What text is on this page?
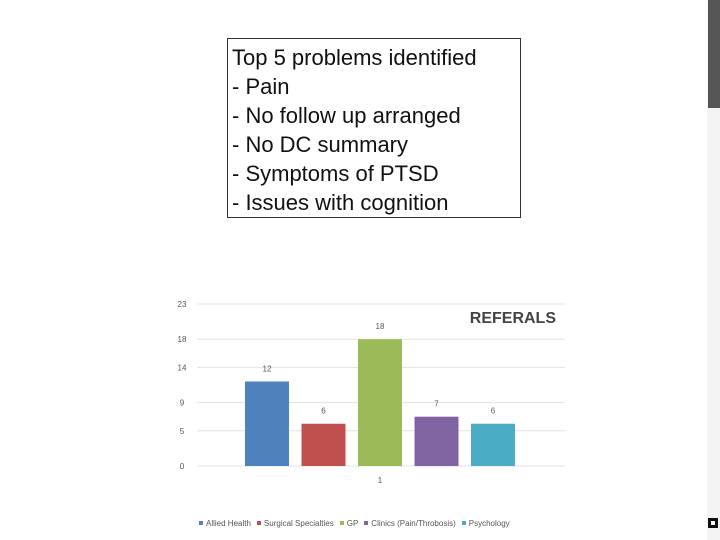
Top 5 problems identified
- Pain
- No follow up arranged
- No DC summary
- Symptoms of PTSD
- Issues with cognition
0
5
9
14
18
23
12
6
18
7
6
1
REFERALS
Allied Health Surgical Specialties GP Clinics (Pain/Throbosis) Psychology
